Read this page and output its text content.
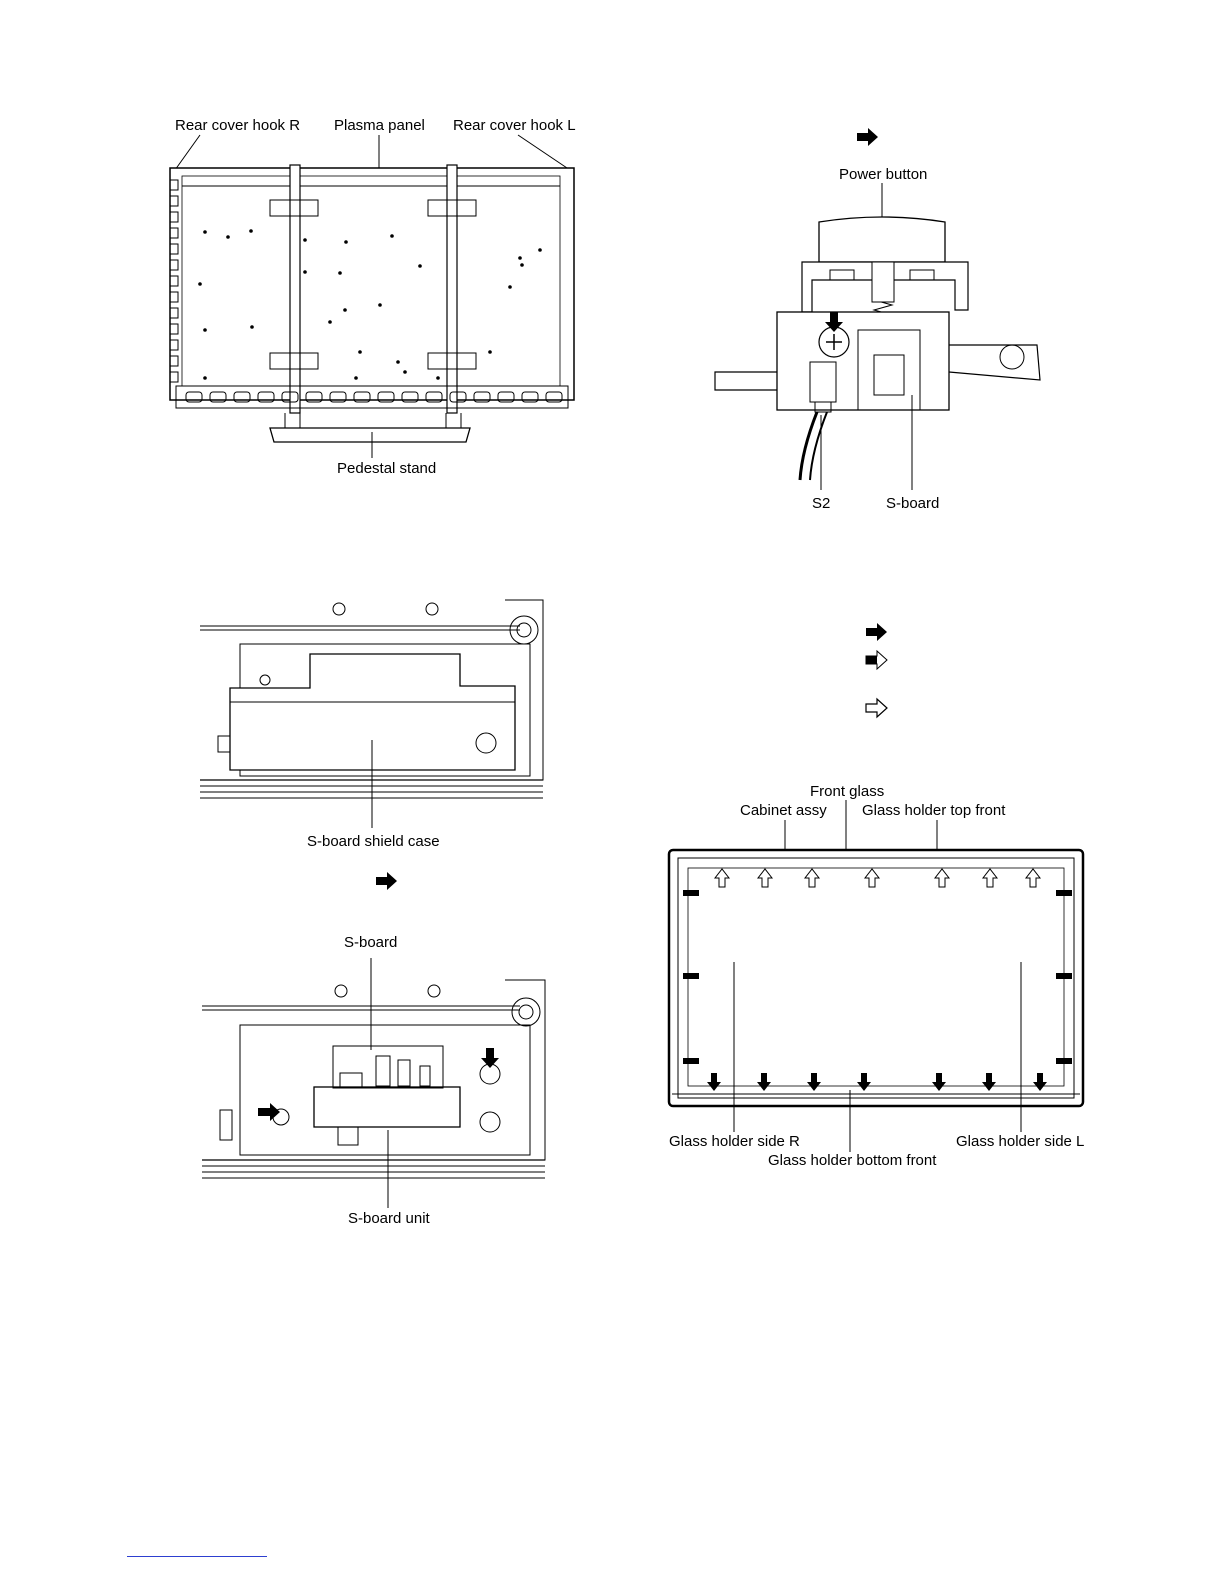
Rear cover hook R Plasma panel Rear cover hook L
Pedestal stand
Power button
S2	S-board
S-board shield case
S-board
S-board unit
Front glass
Cabinet assy Glass holder top front
Glass holder side R	Glass holder side L
Glass holder bottom front
